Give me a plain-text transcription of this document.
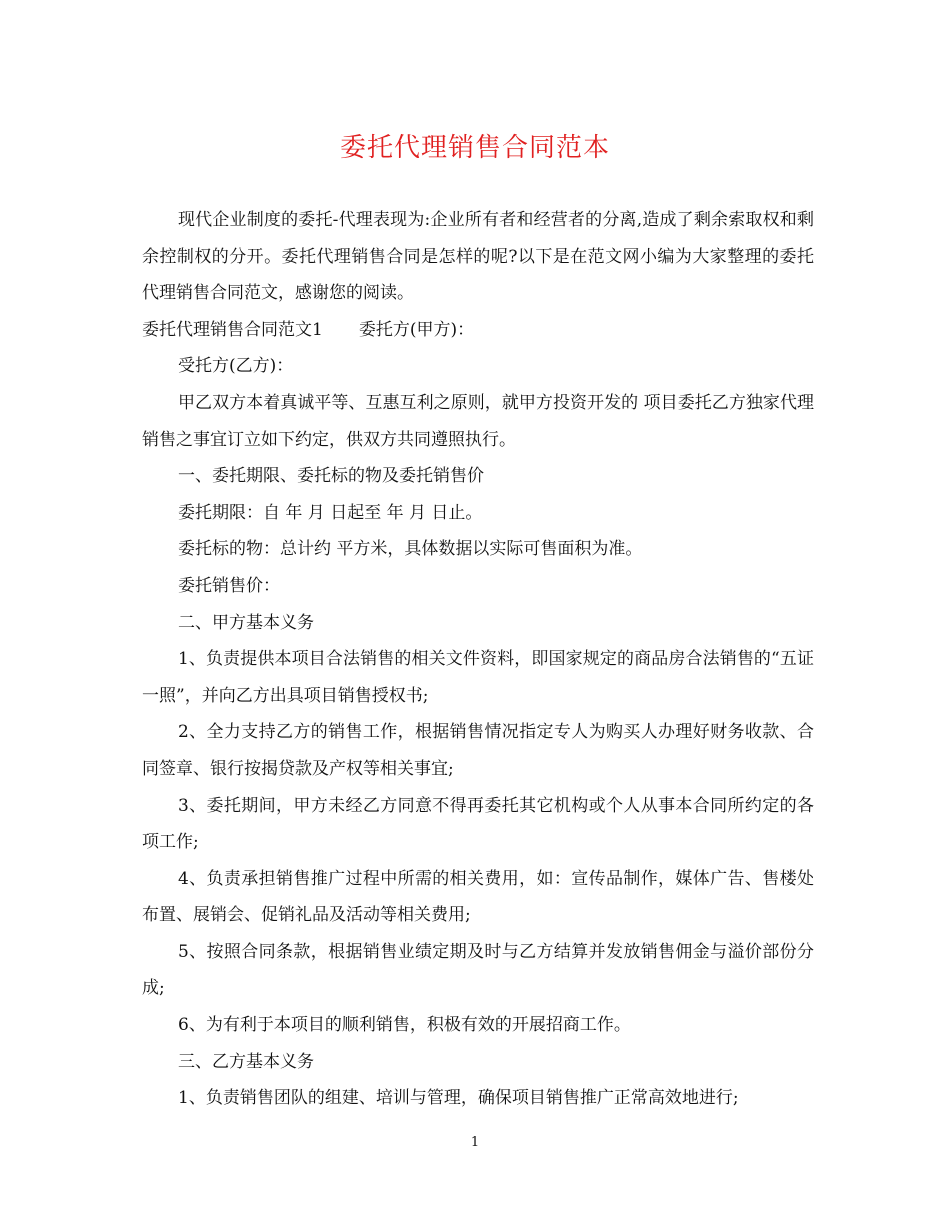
委托代理销售合同范本

现代企业制度的委托-代理表现为:企业所有者和经营者的分离,造成了剩余索取权和剩余控制权的分开。委托代理销售合同是怎样的呢?以下是在范文网小编为大家整理的委托代理销售合同范文，感谢您的阅读。

委托代理销售合同范文1 委托方(甲方)：

受托方(乙方)：

甲乙双方本着真诚平等、互惠互利之原则，就甲方投资开发的 项目委托乙方独家代理销售之事宜订立如下约定，供双方共同遵照执行。

一、委托期限、委托标的物及委托销售价

委托期限：自 年 月 日起至 年 月 日止。

委托标的物：总计约 平方米，具体数据以实际可售面积为准。

委托销售价：

二、甲方基本义务

1、负责提供本项目合法销售的相关文件资料，即国家规定的商品房合法销售的“五证一照”，并向乙方出具项目销售授权书;

2、全力支持乙方的销售工作，根据销售情况指定专人为购买人办理好财务收款、合同签章、银行按揭贷款及产权等相关事宜;

3、委托期间，甲方未经乙方同意不得再委托其它机构或个人从事本合同所约定的各项工作;

4、负责承担销售推广过程中所需的相关费用，如：宣传品制作，媒体广告、售楼处布置、展销会、促销礼品及活动等相关费用;

5、按照合同条款，根据销售业绩定期及时与乙方结算并发放销售佣金与溢价部份分成;

6、为有利于本项目的顺利销售，积极有效的开展招商工作。

三、乙方基本义务

1、负责销售团队的组建、培训与管理，确保项目销售推广正常高效地进行;

1
